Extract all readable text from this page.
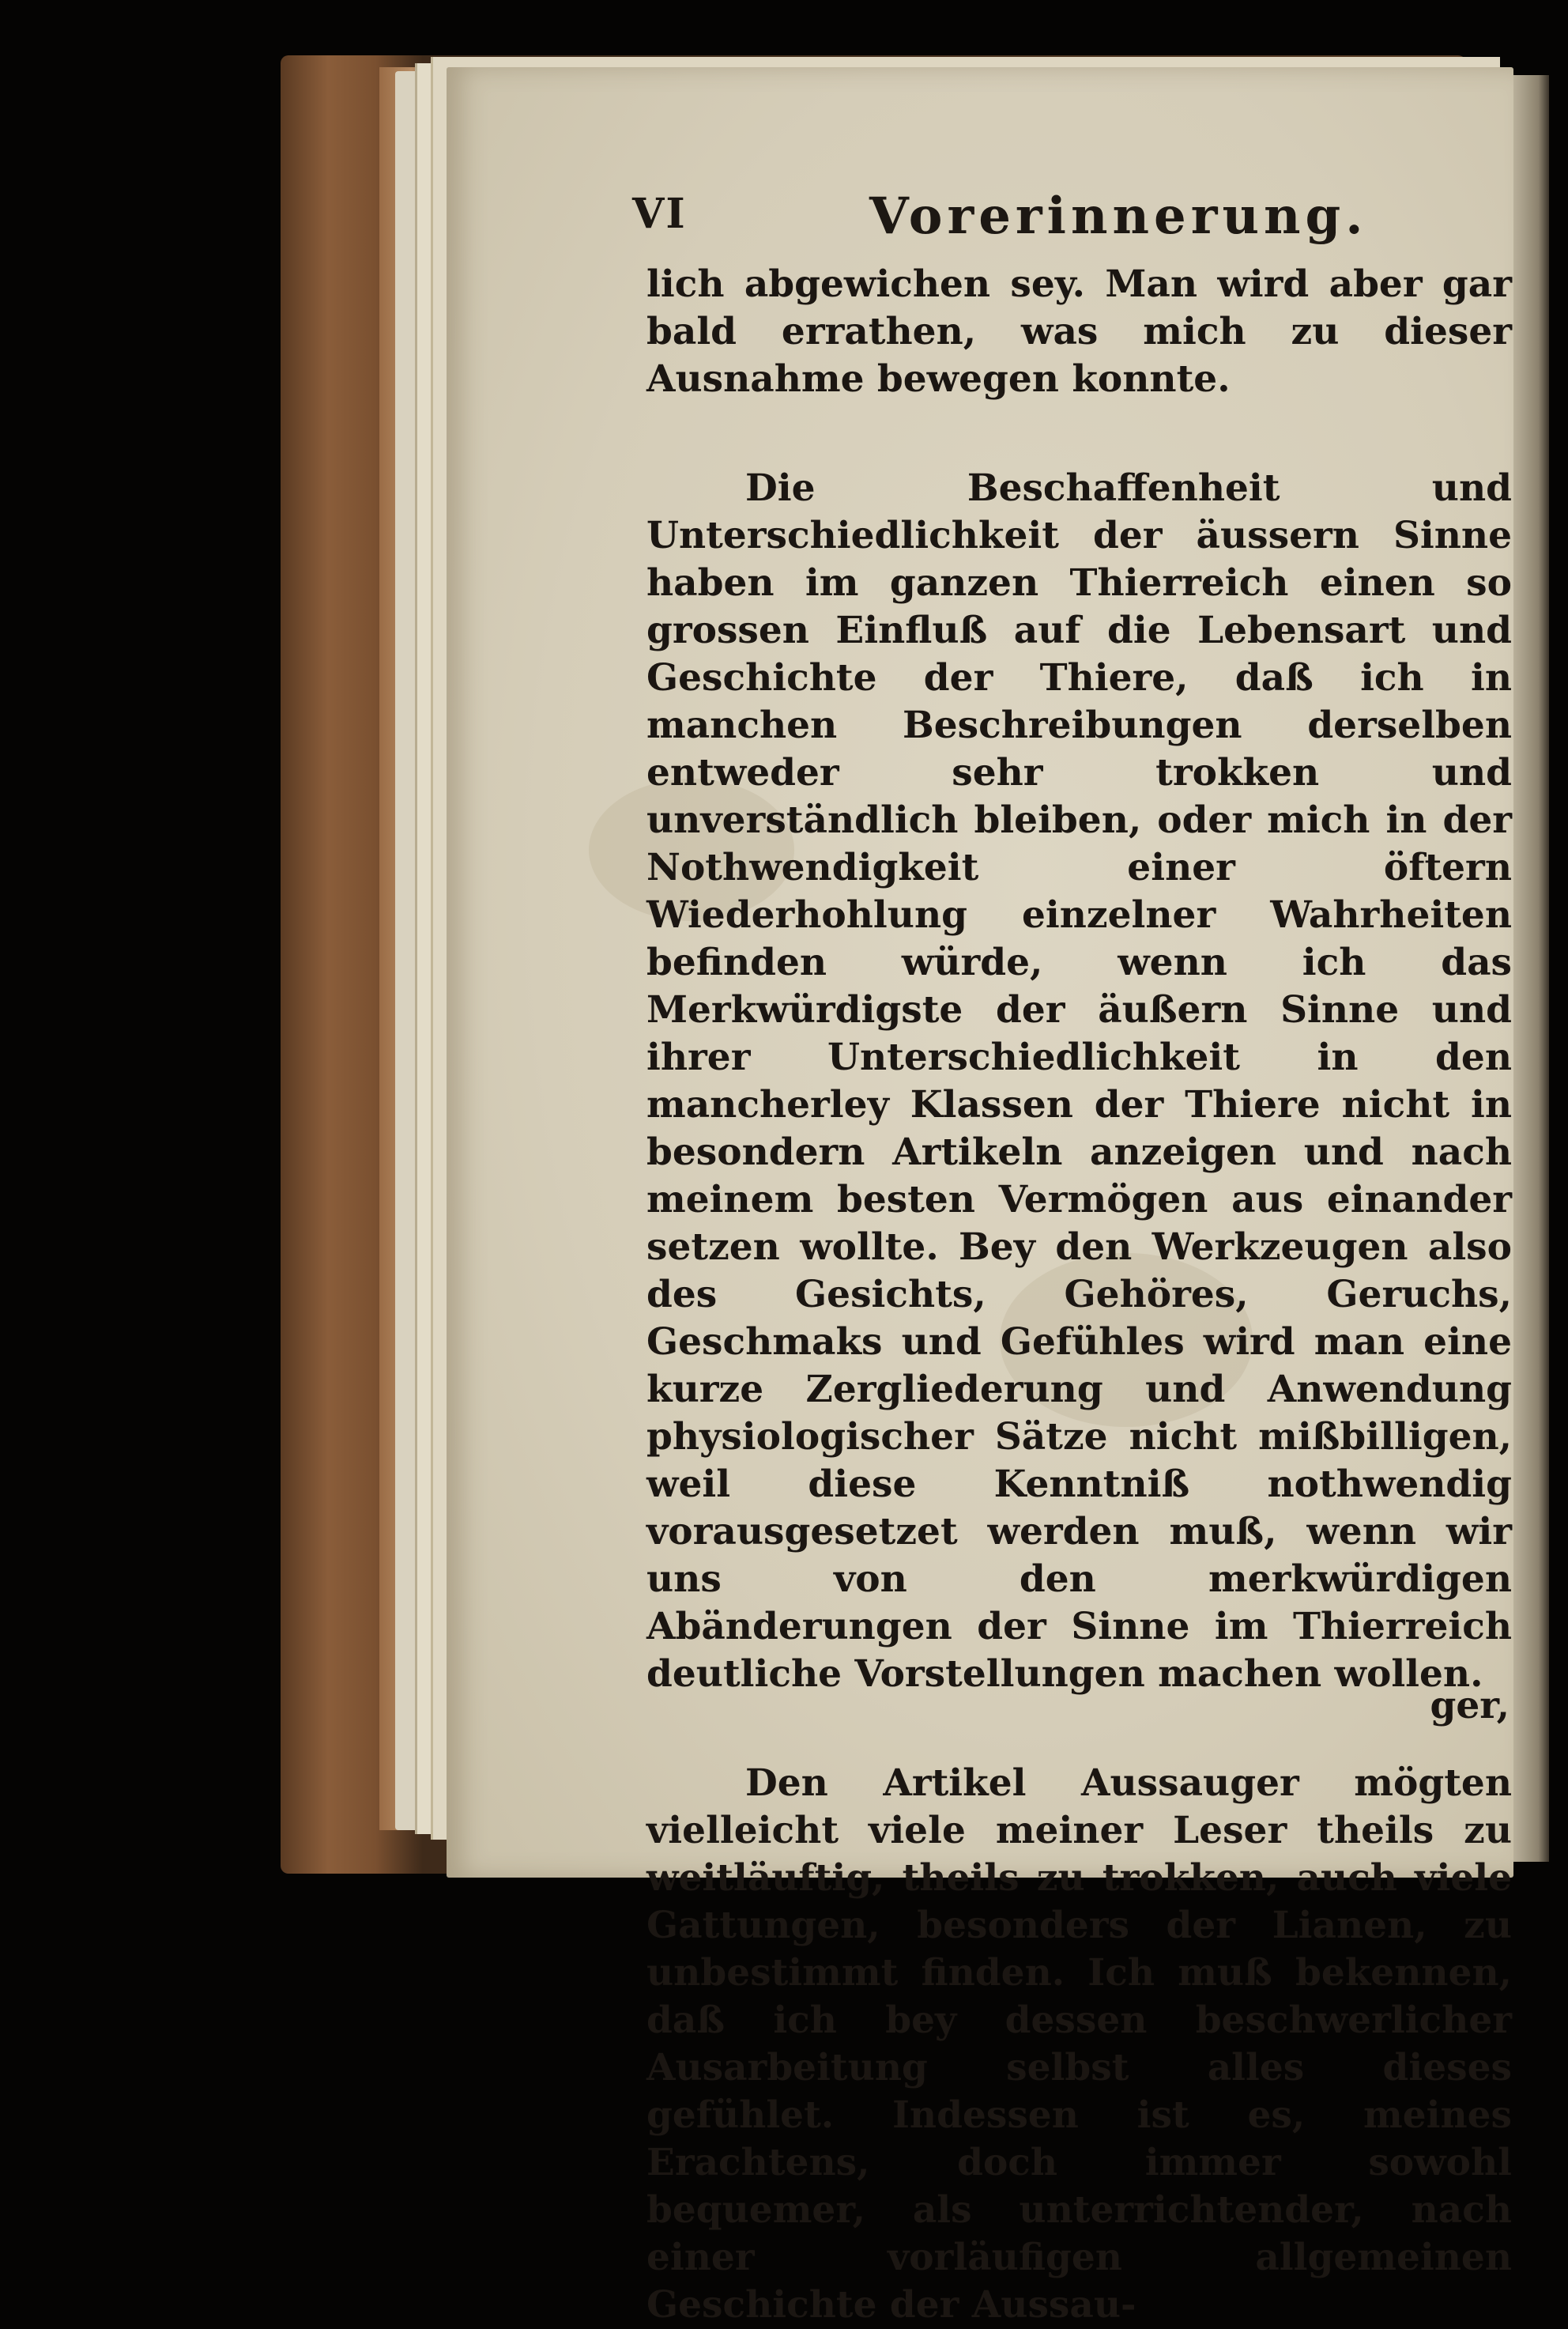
VI	Vorerinnerung.

lich abgewichen sey. Man wird aber gar bald errathen, was mich zu dieser Ausnahme bewegen konnte.

Die Beschaffenheit und Unterschiedlichkeit der äussern Sinne haben im ganzen Thierreich einen so grossen Einfluß auf die Lebensart und Geschichte der Thiere, daß ich in manchen Beschreibungen derselben entweder sehr trokken und unverständlich bleiben, oder mich in der Nothwendigkeit einer öftern Wiederhohlung einzelner Wahrheiten befinden würde, wenn ich das Merkwürdigste der äußern Sinne und ihrer Unterschiedlichkeit in den mancherley Klassen der Thiere nicht in besondern Artikeln anzeigen und nach meinem besten Vermögen aus einander setzen wollte. Bey den Werkzeugen also des Gesichts, Gehöres, Geruchs, Geschmaks und Gefühles wird man eine kurze Zergliederung und Anwendung physiologischer Sätze nicht mißbilligen, weil diese Kenntniß nothwendig vorausgesetzet werden muß, wenn wir uns von den merkwürdigen Abänderungen der Sinne im Thierreich deutliche Vorstellungen machen wollen.

Den Artikel Aussauger mögten vielleicht viele meiner Leser theils zu weitläuftig, theils zu trokken, auch viele Gattungen, besonders der Lianen, zu unbestimmt finden. Ich muß bekennen, daß ich bey dessen beschwerlicher Ausarbeitung selbst alles dieses gefühlet. Indessen ist es, meines Erachtens, doch immer sowohl bequemer, als unterrichtender, nach einer vorläufigen allgemeinen Geschichte der Aussau-

ger,
